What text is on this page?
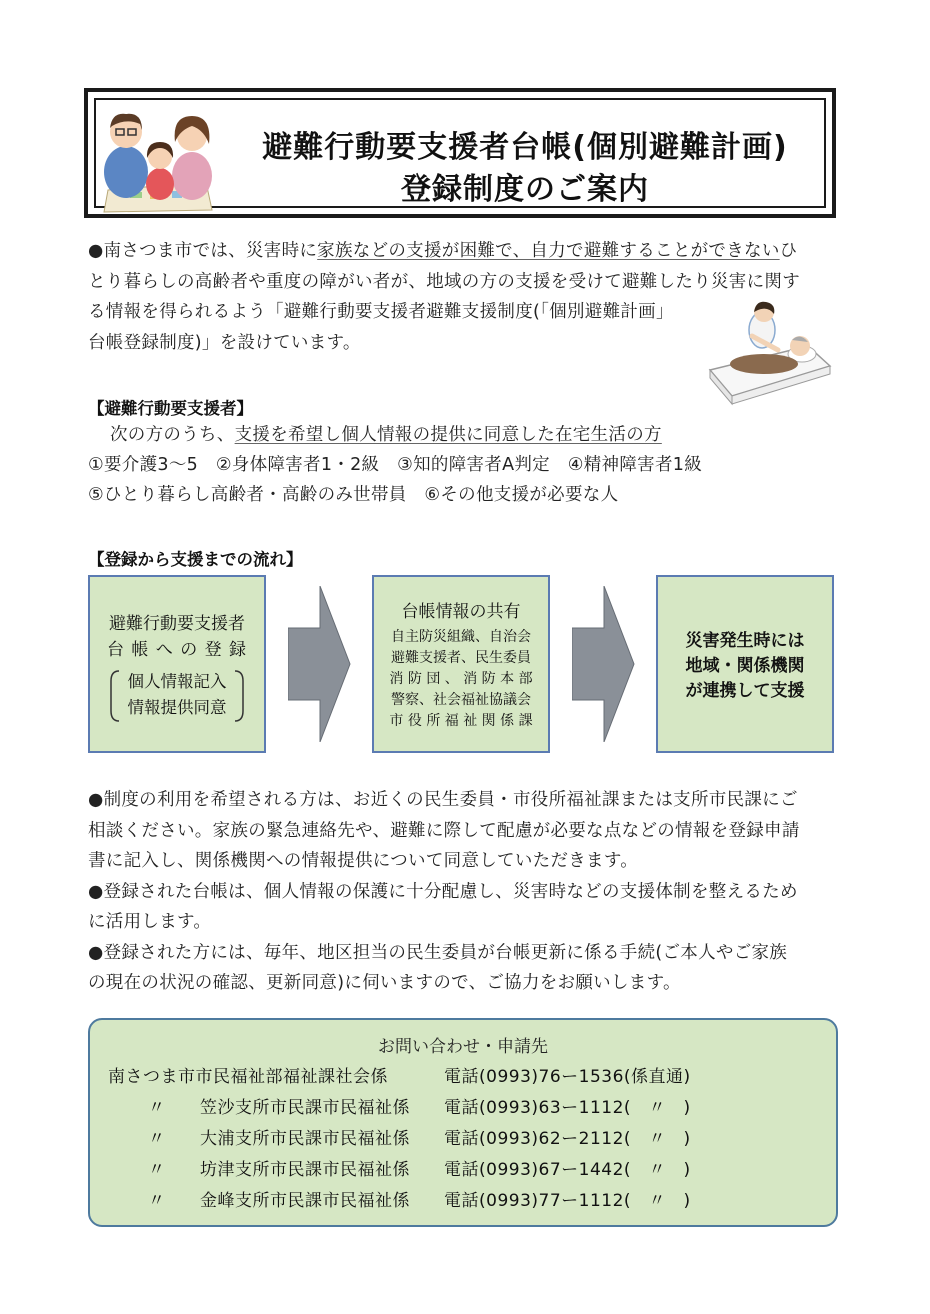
避難行動要支援者台帳(個別避難計画)
登録制度のご案内
●南さつま市では、災害時に家族などの支援が困難で、自力で避難することができないひ
とり暮らしの高齢者や重度の障がい者が、地域の方の支援を受けて避難したり災害に関す
る情報を得られるよう「避難行動要支援者避難支援制度(「個別避難計画」
台帳登録制度)」を設けています。
【避難行動要支援者】
次の方のうち、支援を希望し個人情報の提供に同意した在宅生活の方
①要介護3～5　②身体障害者1・2級　③知的障害者A判定　④精神障害者1級
⑤ひとり暮らし高齢者・高齢のみ世帯員　⑥その他支援が必要な人
【登録から支援までの流れ】
避難行動要支援者
台 帳 へ の 登 録
個人情報記入
情報提供同意
台帳情報の共有
自主防災組織、自治会
避難支援者、民生委員
消 防 団 、 消 防 本 部
警察、社会福祉協議会
市 役 所 福 祉 関 係 課
災害発生時には
地域・関係機関
が連携して支援
●制度の利用を希望される方は、お近くの民生委員・市役所福祉課または支所市民課にご
相談ください。家族の緊急連絡先や、避難に際して配慮が必要な点などの情報を登録申請
書に記入し、関係機関への情報提供について同意していただきます。
●登録された台帳は、個人情報の保護に十分配慮し、災害時などの支援体制を整えるため
に活用します。
●登録された方には、毎年、地区担当の民生委員が台帳更新に係る手続(ご本人やご家族
の現在の状況の確認、更新同意)に伺いますので、ご協力をお願いします。
お問い合わせ・申請先
南さつま市市民福祉部福祉課社会係	電話(0993)76ー1536(係直通)
〃 笠沙支所市民課市民福祉係 電話(0993)63ー1112(　〃　)
〃 大浦支所市民課市民福祉係 電話(0993)62ー2112(　〃　)
〃 坊津支所市民課市民福祉係 電話(0993)67ー1442(　〃　)
〃 金峰支所市民課市民福祉係 電話(0993)77ー1112(　〃　)
